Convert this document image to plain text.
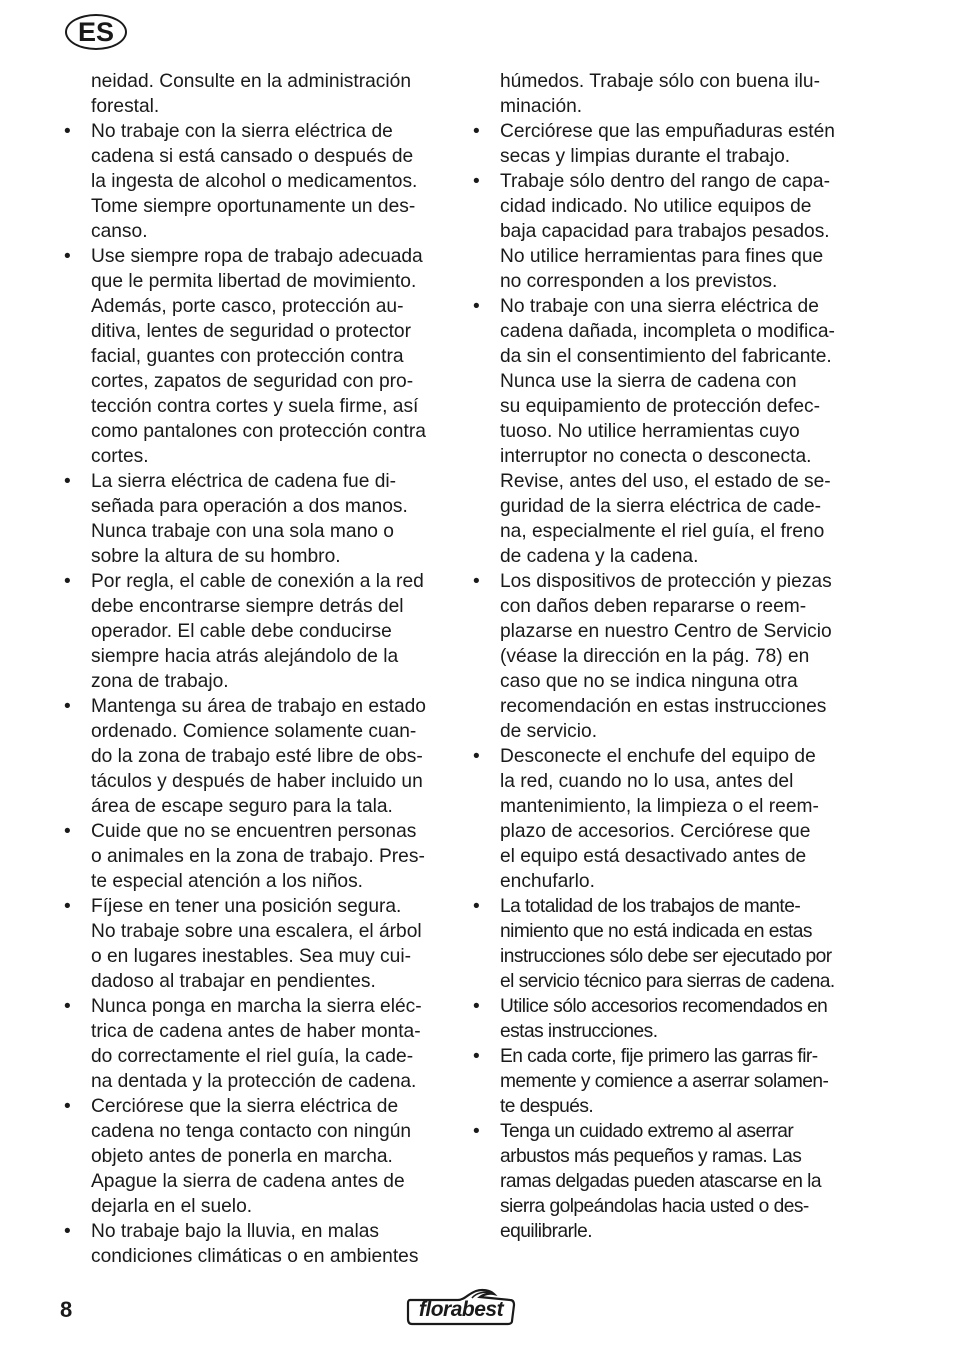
ES
neidad. Consulte en la administración
forestal.
• No trabaje con la sierra eléctrica de
cadena si está cansado o después de
la ingesta de alcohol o medicamentos.
Tome siempre oportunamente un des-
canso.
• Use siempre ropa de trabajo adecuada
que le permita libertad de movimiento.
Además, porte casco, protección au-
ditiva, lentes de seguridad o protector
facial, guantes con protección contra
cortes, zapatos de seguridad con pro-
tección contra cortes y suela firme, así
como pantalones con protección contra
cortes.
• La sierra eléctrica de cadena fue di-
señada para operación a dos manos.
Nunca trabaje con una sola mano o
sobre la altura de su hombro.
• Por regla, el cable de conexión a la red
debe encontrarse siempre detrás del
operador. El cable debe conducirse
siempre hacia atrás alejándolo de la
zona de trabajo.
• Mantenga su área de trabajo en estado
ordenado. Comience solamente cuan-
do la zona de trabajo esté libre de obs-
táculos y después de haber incluido un
área de escape seguro para la tala.
• Cuide que no se encuentren personas
o animales en la zona de trabajo. Pres-
te especial atención a los niños.
• Fíjese en tener una posición segura.
No trabaje sobre una escalera, el árbol
o en lugares inestables. Sea muy cui-
dadoso al trabajar en pendientes.
• Nunca ponga en marcha la sierra eléc-
trica de cadena antes de haber monta-
do correctamente el riel guía, la cade-
na dentada y la protección de cadena.
• Cerciórese que la sierra eléctrica de
cadena no tenga contacto con ningún
objeto antes de ponerla en marcha.
Apague la sierra de cadena antes de
dejarla en el suelo.
• No trabaje bajo la lluvia, en malas
condiciones climáticas o en ambientes
húmedos. Trabaje sólo con buena ilu-
minación.
• Cerciórese que las empuñaduras estén
secas y limpias durante el trabajo.
• Trabaje sólo dentro del rango de capa-
cidad indicado. No utilice equipos de
baja capacidad para trabajos pesados.
No utilice herramientas para fines que
no corresponden a los previstos.
• No trabaje con una sierra eléctrica de
cadena dañada, incompleta o modifica-
da sin el consentimiento del fabricante.
Nunca use la sierra de cadena con
su equipamiento de protección defec-
tuoso. No utilice herramientas cuyo
interruptor no conecta o desconecta.
Revise, antes del uso, el estado de se-
guridad de la sierra eléctrica de cade-
na, especialmente el riel guía, el freno
de cadena y la cadena.
• Los dispositivos de protección y piezas
con daños deben repararse o reem-
plazarse en nuestro Centro de Servicio
(véase la dirección en la pág. 78) en
caso que no se indica ninguna otra
recomendación en estas instrucciones
de servicio.
• Desconecte el enchufe del equipo de
la red, cuando no lo usa, antes del
mantenimiento, la limpieza o el reem-
plazo de accesorios. Cerciórese que
el equipo está desactivado antes de
enchufarlo.
• La totalidad de los trabajos de mante-
nimiento que no está indicada en estas
instrucciones sólo debe ser ejecutado por
el servicio técnico para sierras de cadena.
• Utilice sólo accesorios recomendados en
estas instrucciones.
• En cada corte, fije primero las garras fir-
memente y comience a aserrar solamen-
te después.
• Tenga un cuidado extremo al aserrar
arbustos más pequeños y ramas. Las
ramas delgadas pueden atascarse en la
sierra golpeándolas hacia usted o des-
equilibrarle.
8	florabest
